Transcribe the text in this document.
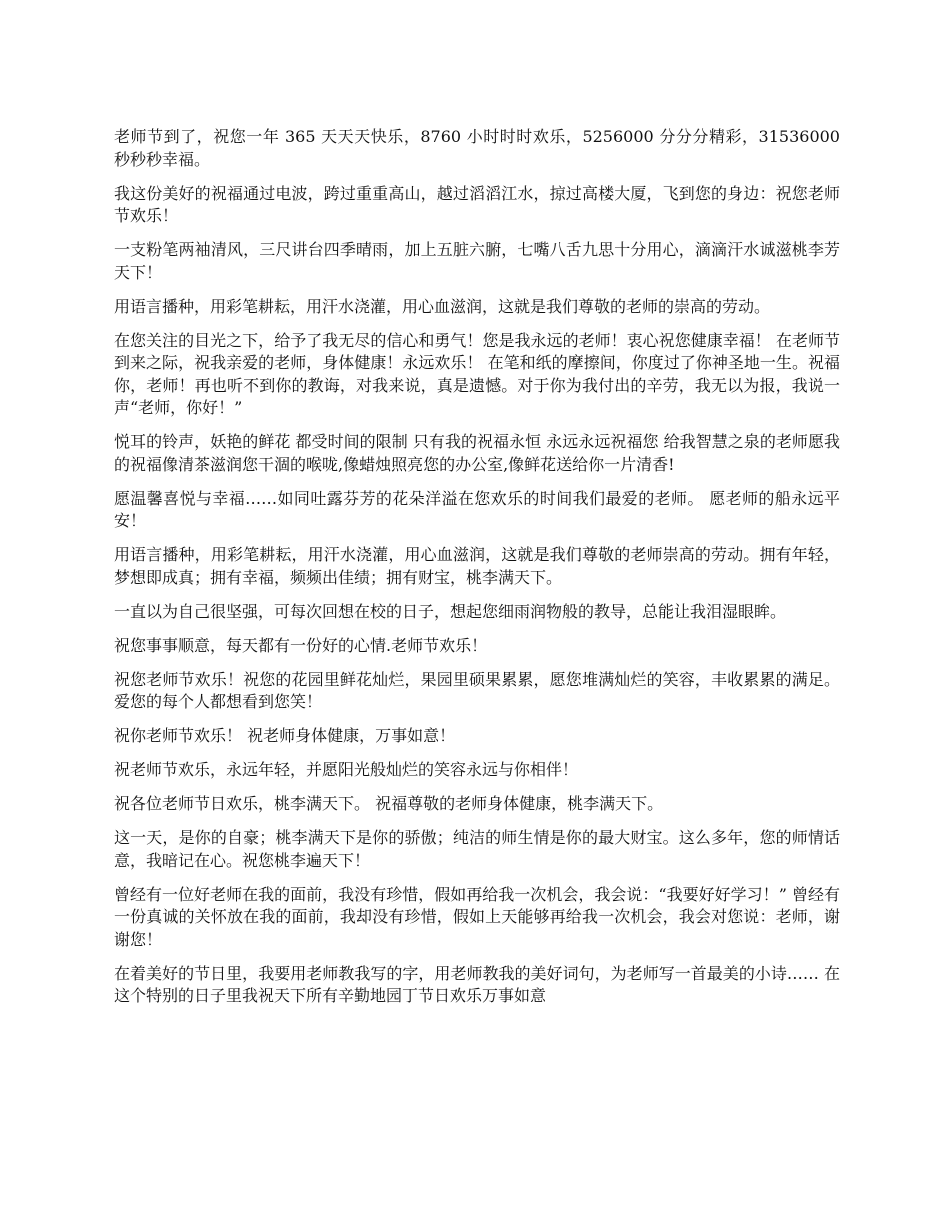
老师节到了，祝您一年 365 天天天快乐，8760 小时时时欢乐，5256000 分分分精彩，31536000 秒秒秒幸福。

我这份美好的祝福通过电波，跨过重重高山，越过滔滔江水，掠过高楼大厦，飞到您的身边：祝您老师节欢乐！

一支粉笔两袖清风，三尺讲台四季晴雨，加上五脏六腑，七嘴八舌九思十分用心，滴滴汗水诚滋桃李芳天下！

用语言播种，用彩笔耕耘，用汗水浇灌，用心血滋润，这就是我们尊敬的老师的崇高的劳动。

在您关注的目光之下，给予了我无尽的信心和勇气！您是我永远的老师！衷心祝您健康幸福！ 在老师节到来之际，祝我亲爱的老师，身体健康！永远欢乐！ 在笔和纸的摩擦间，你度过了你神圣地一生。祝福你，老师！再也听不到你的教诲，对我来说，真是遗憾。对于你为我付出的辛劳，我无以为报，我说一声“老师，你好！”

悦耳的铃声，妖艳的鲜花 都受时间的限制 只有我的祝福永恒 永远永远祝福您 给我智慧之泉的老师愿我的祝福像清茶滋润您干涸的喉咙,像蜡烛照亮您的办公室,像鲜花送给你一片清香!

愿温馨喜悦与幸福……如同吐露芬芳的花朵洋溢在您欢乐的时间我们最爱的老师。 愿老师的船永远平安！

用语言播种，用彩笔耕耘，用汗水浇灌，用心血滋润，这就是我们尊敬的老师崇高的劳动。拥有年轻，梦想即成真；拥有幸福，频频出佳绩；拥有财宝，桃李满天下。

一直以为自己很坚强，可每次回想在校的日子，想起您细雨润物般的教导，总能让我泪湿眼眸。

祝您事事顺意，每天都有一份好的心情.老师节欢乐！

祝您老师节欢乐！祝您的花园里鲜花灿烂，果园里硕果累累，愿您堆满灿烂的笑容，丰收累累的满足。爱您的每个人都想看到您笑！

祝你老师节欢乐！ 祝老师身体健康，万事如意！

祝老师节欢乐，永远年轻，并愿阳光般灿烂的笑容永远与你相伴！

祝各位老师节日欢乐，桃李满天下。 祝福尊敬的老师身体健康，桃李满天下。

这一天，是你的自豪；桃李满天下是你的骄傲；纯洁的师生情是你的最大财宝。这么多年，您的师情话意，我暗记在心。祝您桃李遍天下！

曾经有一位好老师在我的面前，我没有珍惜，假如再给我一次机会，我会说：“我要好好学习！” 曾经有一份真诚的关怀放在我的面前，我却没有珍惜，假如上天能够再给我一次机会，我会对您说：老师，谢谢您！

在着美好的节日里，我要用老师教我写的字，用老师教我的美好词句，为老师写一首最美的小诗…… 在这个特别的日子里我祝天下所有辛勤地园丁节日欢乐万事如意
